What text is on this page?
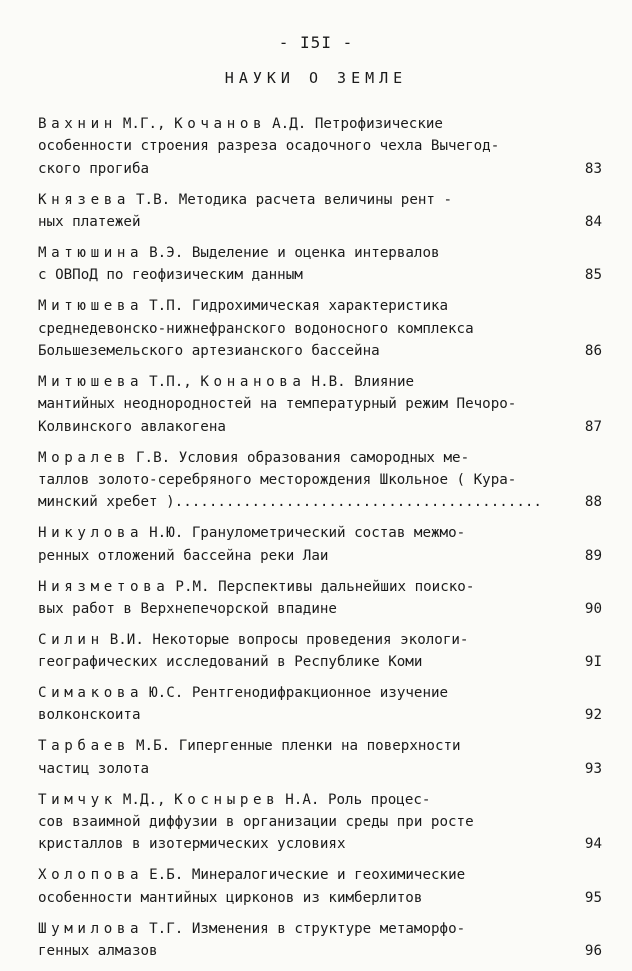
- I5I -
НАУКИ О ЗЕМЛЕ
Вахнин М.Г., Кочанов А.Д. Петрофизические
особенности строения разреза осадочного чехла Вычегод-
ского прогиба	83
Князева Т.В. Методика расчета величины рент -
ных платежей	84
Матюшина В.Э. Выделение и оценка интервалов
с ОВПоД по геофизическим данным	85
Митюшева Т.П. Гидрохимическая характеристика
среднедевонско-нижнефранского водоносного комплекса
Большеземельского артезианского бассейна	86
Митюшева Т.П., Конанова Н.В. Влияние
мантийных неоднородностей на температурный режим Печоро-
Колвинского авлакогена	87
Моралев Г.В. Условия образования самородных ме-
таллов золото-серебряного месторождения Школьное ( Кура-
минский хребет ) ...........................................	88
Никулова Н.Ю. Гранулометрический состав межмо-
ренных отложений бассейна реки Лаи	89
Ниязметова Р.М. Перспективы дальнейших поиско-
вых работ в Верхнепечорской впадине	90
Силин В.И. Некоторые вопросы проведения экологи-
географических исследований в Республике Коми	9I
Симакова Ю.С. Рентгенодифракционное изучение
волконскоита	92
Тарбаев М.Б. Гипергенные пленки на поверхности
частиц золота	93
Тимчук М.Д., Коснырев Н.А. Роль процес-
сов взаимной диффузии в организации среды при росте
кристаллов в изотермических условиях	94
Холопова Е.Б. Минералогические и геохимические
особенности мантийных цирконов из кимберлитов	95
Шумилова Т.Г. Изменения в структуре метаморфо-
генных алмазов	96
